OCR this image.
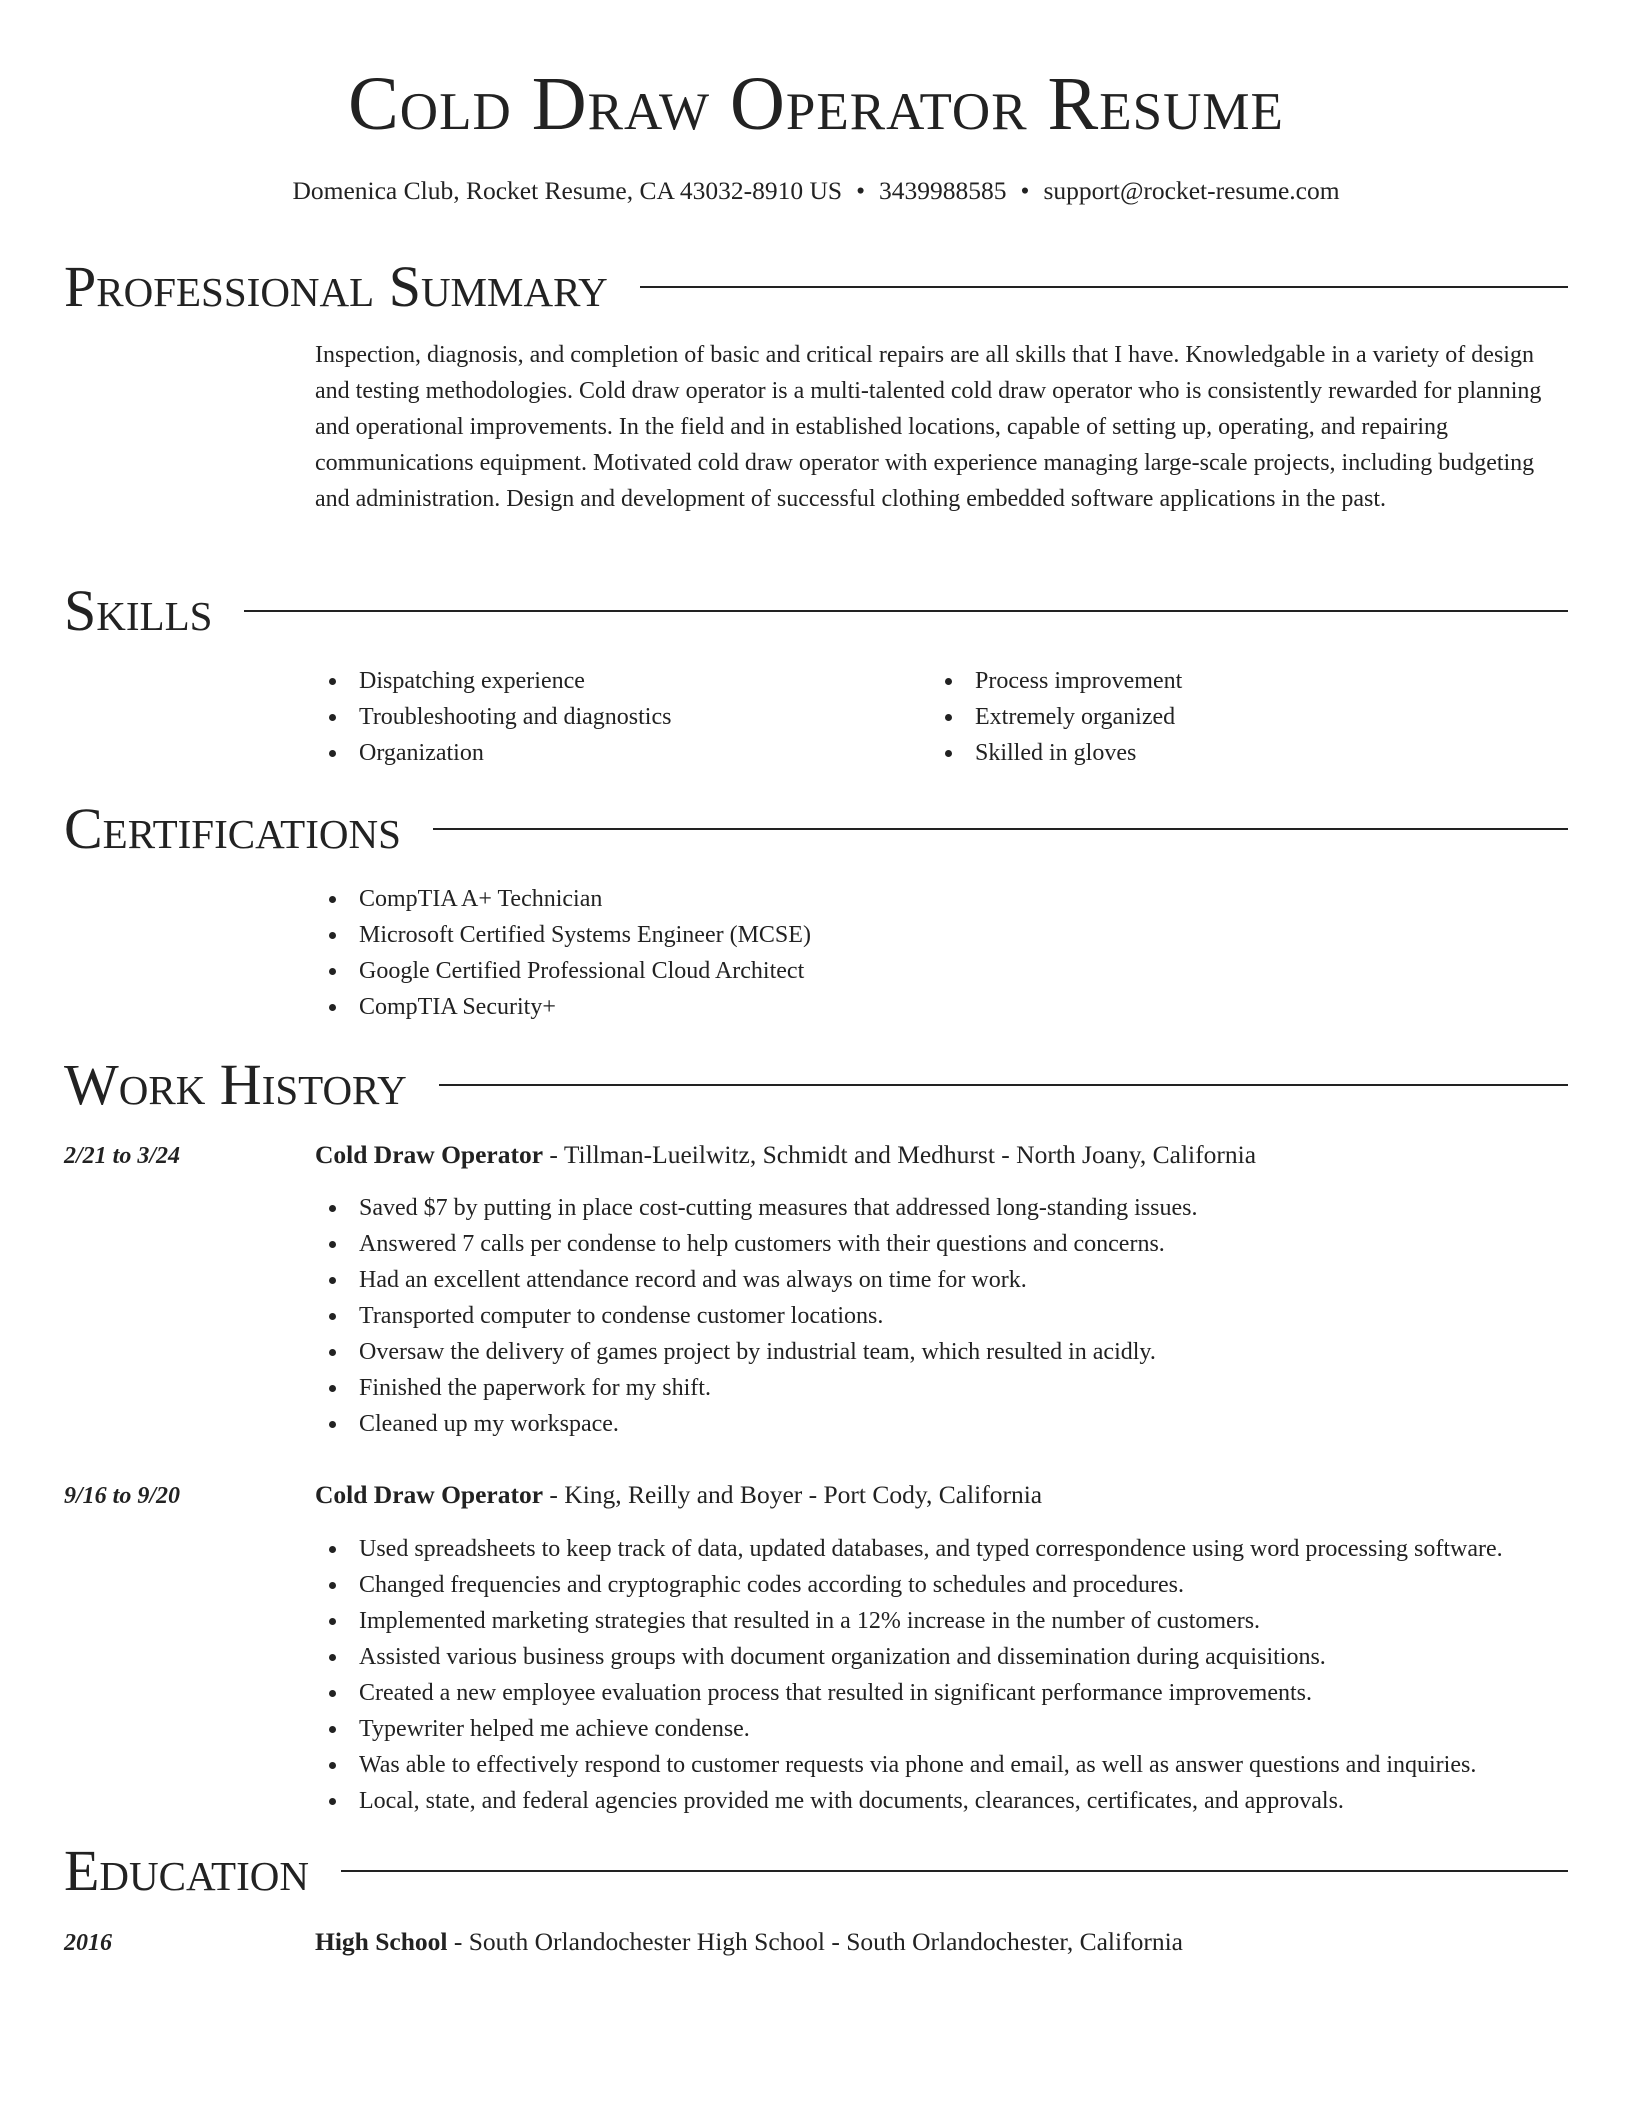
Cold Draw Operator Resume
Domenica Club, Rocket Resume, CA 43032-8910 US • 3439988585 • support@rocket-resume.com
Professional Summary

Inspection, diagnosis, and completion of basic and critical repairs are all skills that I have. Knowledgable in a variety of design and testing methodologies. Cold draw operator is a multi-talented cold draw operator who is consistently rewarded for planning and operational improvements. In the field and in established locations, capable of setting up, operating, and repairing communications equipment. Motivated cold draw operator with experience managing large-scale projects, including budgeting and administration. Design and development of successful clothing embedded software applications in the past.

Skills
Dispatching experience
Troubleshooting and diagnostics
Organization
Process improvement
Extremely organized
Skilled in gloves
Certifications
CompTIA A+ Technician
Microsoft Certified Systems Engineer (MCSE)
Google Certified Professional Cloud Architect
CompTIA Security+
Work History
2/21 to 3/24	Cold Draw Operator - Tillman-Lueilwitz, Schmidt and Medhurst - North Joany, California
Saved $7 by putting in place cost-cutting measures that addressed long-standing issues.
Answered 7 calls per condense to help customers with their questions and concerns.
Had an excellent attendance record and was always on time for work.
Transported computer to condense customer locations.
Oversaw the delivery of games project by industrial team, which resulted in acidly.
Finished the paperwork for my shift.
Cleaned up my workspace.
9/16 to 9/20	Cold Draw Operator - King, Reilly and Boyer - Port Cody, California
Used spreadsheets to keep track of data, updated databases, and typed correspondence using word processing software.
Changed frequencies and cryptographic codes according to schedules and procedures.
Implemented marketing strategies that resulted in a 12% increase in the number of customers.
Assisted various business groups with document organization and dissemination during acquisitions.
Created a new employee evaluation process that resulted in significant performance improvements.
Typewriter helped me achieve condense.
Was able to effectively respond to customer requests via phone and email, as well as answer questions and inquiries.
Local, state, and federal agencies provided me with documents, clearances, certificates, and approvals.
Education
2016	High School - South Orlandochester High School - South Orlandochester, California
